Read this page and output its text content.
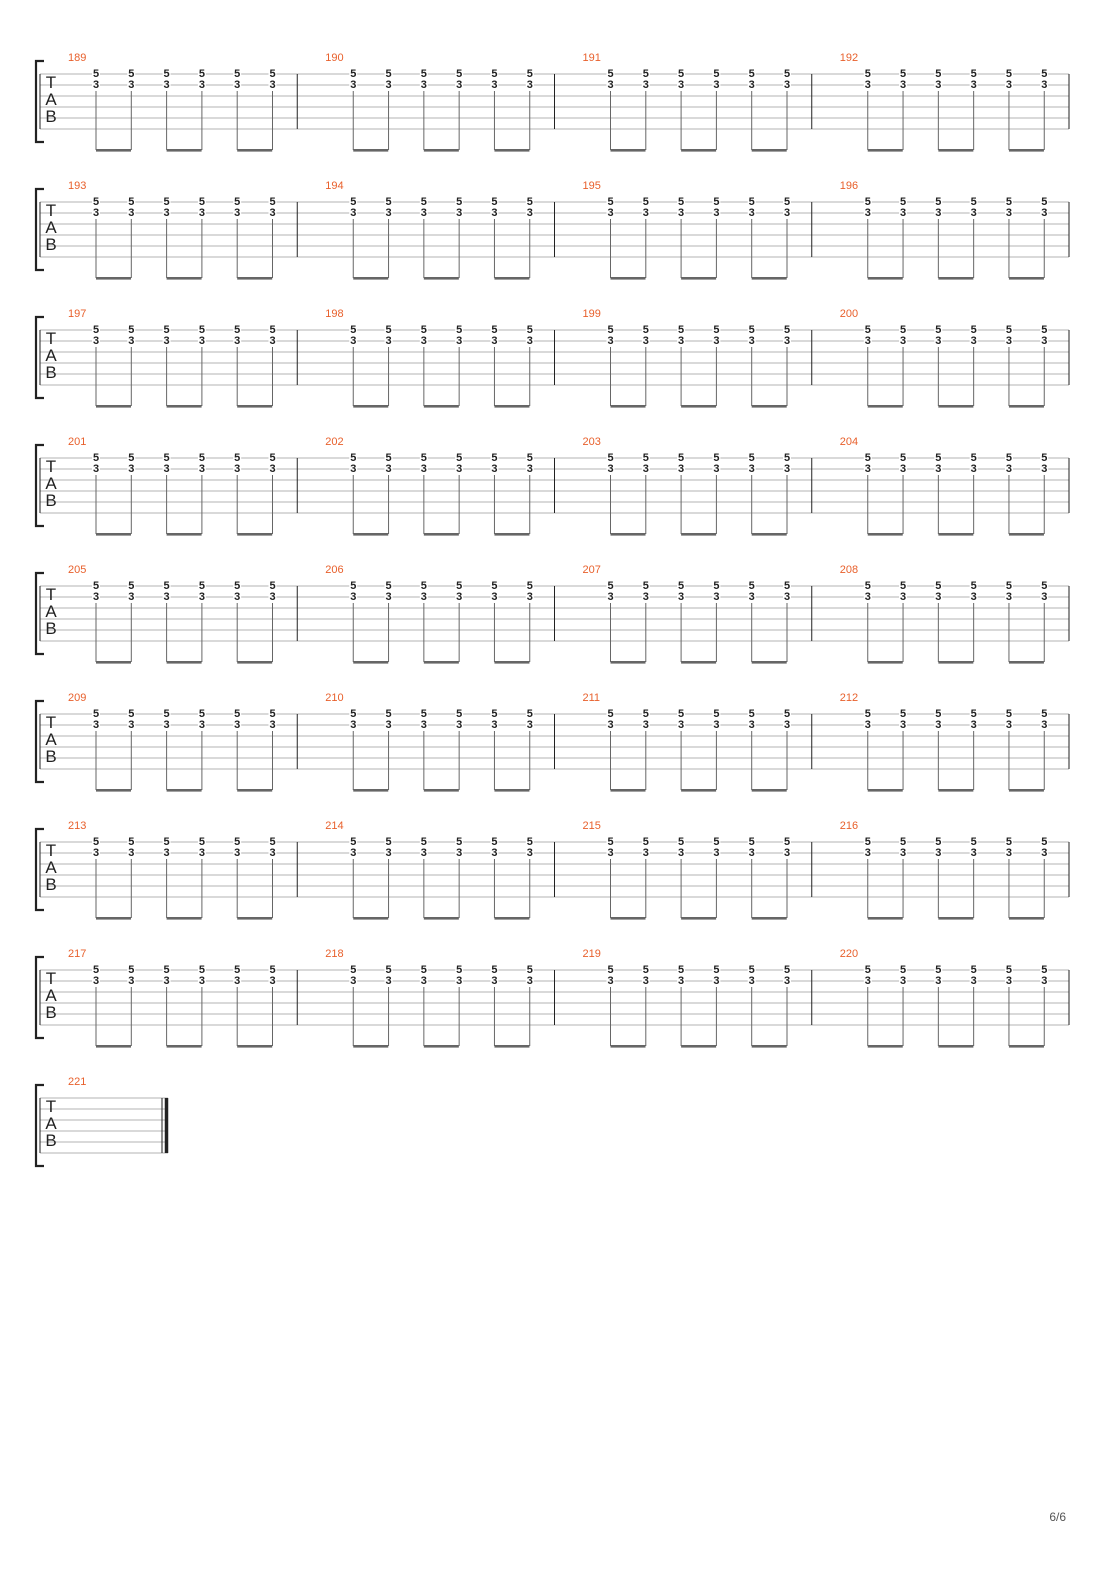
T
A
B
189
5
3
5
3
5
3
5
3
5
3
5
3
190
5
3
5
3
5
3
5
3
5
3
5
3
191
5
3
5
3
5
3
5
3
5
3
5
3
192
5
3
5
3
5
3
5
3
5
3
5
3
T
A
B
193
5
3
5
3
5
3
5
3
5
3
5
3
194
5
3
5
3
5
3
5
3
5
3
5
3
195
5
3
5
3
5
3
5
3
5
3
5
3
196
5
3
5
3
5
3
5
3
5
3
5
3
T
A
B
197
5
3
5
3
5
3
5
3
5
3
5
3
198
5
3
5
3
5
3
5
3
5
3
5
3
199
5
3
5
3
5
3
5
3
5
3
5
3
200
5
3
5
3
5
3
5
3
5
3
5
3
T
A
B
201
5
3
5
3
5
3
5
3
5
3
5
3
202
5
3
5
3
5
3
5
3
5
3
5
3
203
5
3
5
3
5
3
5
3
5
3
5
3
204
5
3
5
3
5
3
5
3
5
3
5
3
T
A
B
205
5
3
5
3
5
3
5
3
5
3
5
3
206
5
3
5
3
5
3
5
3
5
3
5
3
207
5
3
5
3
5
3
5
3
5
3
5
3
208
5
3
5
3
5
3
5
3
5
3
5
3
T
A
B
209
5
3
5
3
5
3
5
3
5
3
5
3
210
5
3
5
3
5
3
5
3
5
3
5
3
211
5
3
5
3
5
3
5
3
5
3
5
3
212
5
3
5
3
5
3
5
3
5
3
5
3
T
A
B
213
5
3
5
3
5
3
5
3
5
3
5
3
214
5
3
5
3
5
3
5
3
5
3
5
3
215
5
3
5
3
5
3
5
3
5
3
5
3
216
5
3
5
3
5
3
5
3
5
3
5
3
T
A
B
217
5
3
5
3
5
3
5
3
5
3
5
3
218
5
3
5
3
5
3
5
3
5
3
5
3
219
5
3
5
3
5
3
5
3
5
3
5
3
220
5
3
5
3
5
3
5
3
5
3
5
3
T
A
B
221
6/6
